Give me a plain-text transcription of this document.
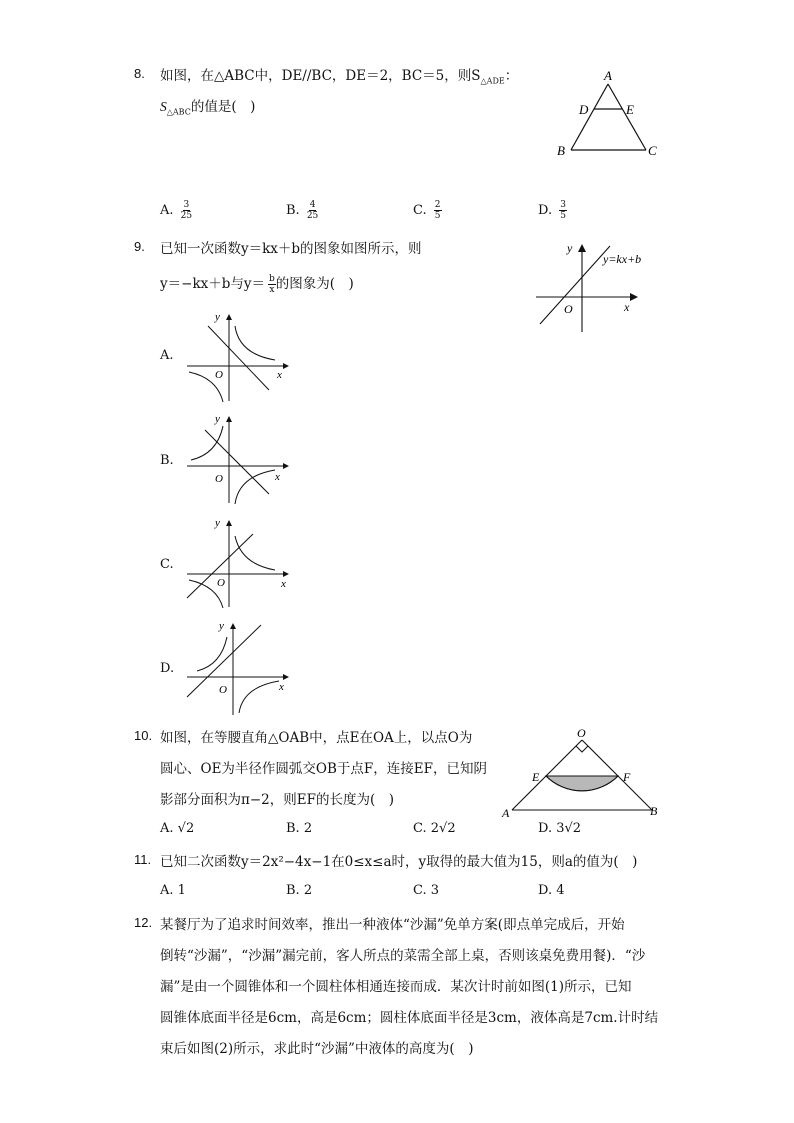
8. 如图，在△ABC中，DE//BC，DE＝2，BC＝5，则$S_{\triangle ADE}$：
$S_{\triangle ABC}$的值是(　)
A
D	E
B	C
A. $\frac{3}{25}$	B. $\frac{4}{25}$	C. $\frac{2}{5}$	D. $\frac{3}{5}$
9. 已知一次函数y＝kx＋b的图象如图所示，则
y＝−kx＋b与$y= \frac{b}{x}$ 的图象为(　)
y
x
O
y=kx+b
A.
y
x
O
B.
y
x
O
C.
y
x
O
D.
y
x
O
10. 如图，在等腰直角△OAB中，点E在OA上，以点O为
圆心、OE为半径作圆弧交OB于点F，连接EF，已知阴
影部分面积为π−2，则EF的长度为(　)
O
E	F
A	B
A. √2	B. 2	C. 2√2	D. 3√2
11. 已知二次函数y＝2x²−4x−1在0≤x≤a时，y取得的最大值为15，则a的值为(　)
A. 1	B. 2	C. 3	D. 4
12. 某餐厅为了追求时间效率，推出一种液体“沙漏”免单方案(即点单完成后，开始
倒转“沙漏”，“沙漏”漏完前，客人所点的菜需全部上桌，否则该桌免费用餐)．“沙
漏”是由一个圆锥体和一个圆柱体相通连接而成．某次计时前如图(1)所示，已知
圆锥体底面半径是6cm，高是6cm；圆柱体底面半径是3cm，液体高是7cm.计时结
束后如图(2)所示，求此时“沙漏”中液体的高度为(　)
